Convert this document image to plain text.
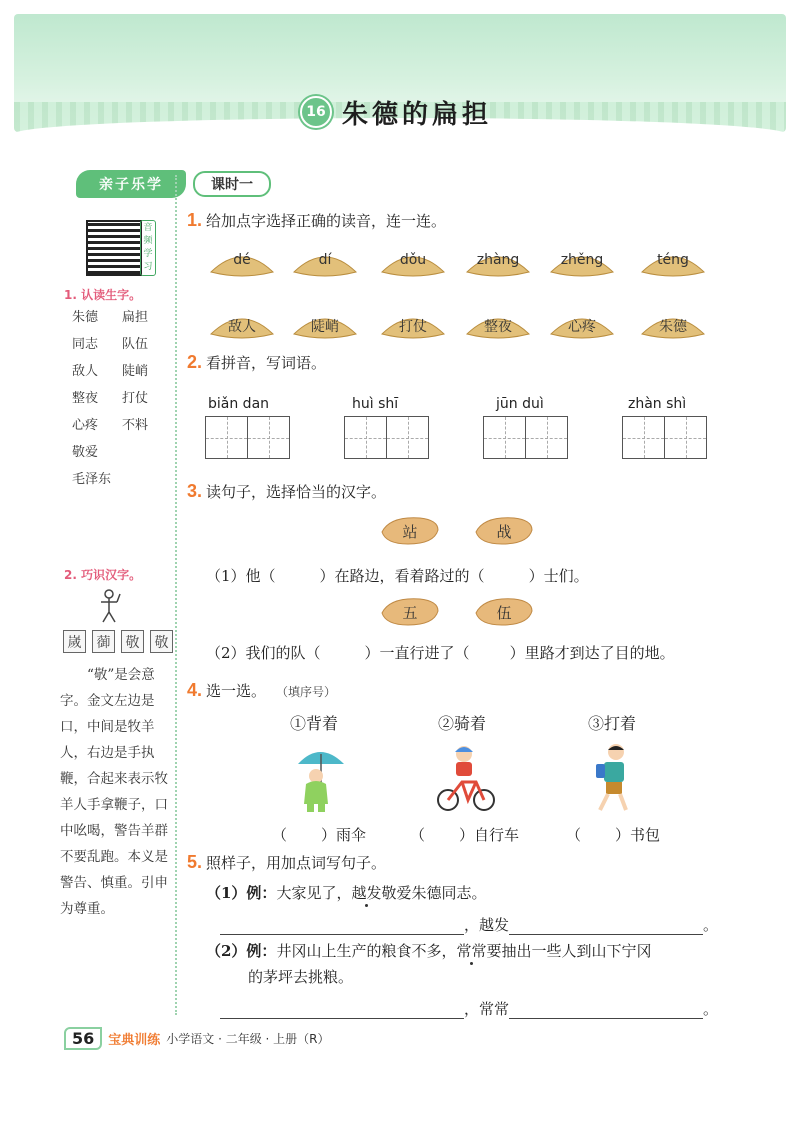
16 朱德的扁担
亲子乐学
音频学习
1. 认读生字。
朱德	扁担
同志	队伍
敌人	陡峭
整夜	打仗
心疼	不料
敬爱
毛泽东
2. 巧识汉字。
嵗	蓹	敬	敬
“敬”是会意字。金文左边是口，中间是牧羊人，右边是手执鞭，合起来表示牧羊人手拿鞭子，口中吆喝，警告羊群不要乱跑。本义是警告、慎重。引申为尊重。
课时一
1. 给加点字选择正确的读音，连一连。
2. 看拼音，写词语。
biǎn dan	huì shī	jūn duì	zhàn shì
3. 读句子，选择恰当的汉字。
站	战
（1）他（	）在路边，看着路过的（	）士们。
五	伍
（2）我们的队（	）一直行进了（	）里路才到达了目的地。
4. 选一选。 （填序号）
①背着	②骑着	③打着
（ ）雨伞	（ ）自行车	（ ）书包
5. 照样子，用加点词写句子。
（1）例：大家见了，越发敬爱朱德同志。
，越发	。
（2）例：井冈山上生产的粮食不多，常常要抽出一些人到山下宁冈
的茅坪去挑粮。
，常常	。
56	宝典训练 小学语文 · 二年级 · 上册（R）
dé	dí	dǒu	zhàng	zhěng	téng
敌人	陡峭	打仗	整夜	心疼	朱德
